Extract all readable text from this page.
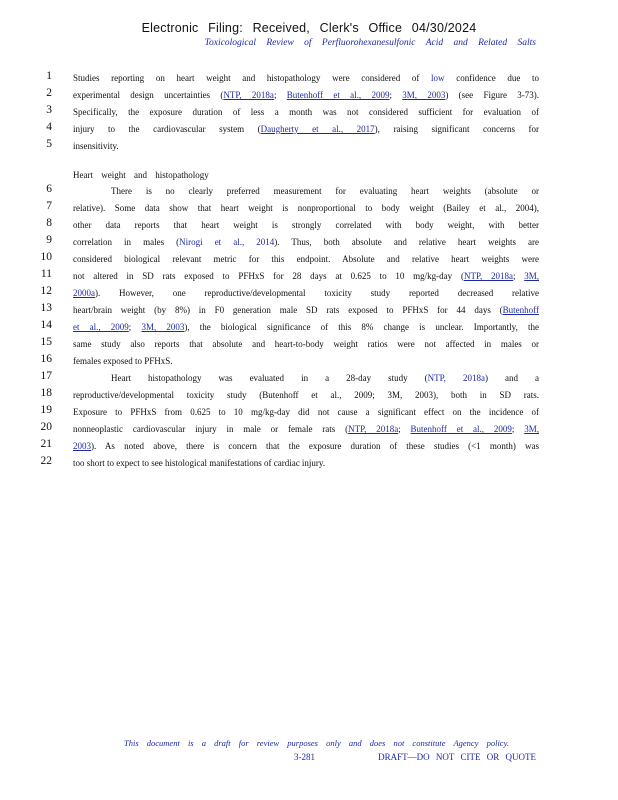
Electronic Filing: Received, Clerk's Office 04/30/2024
Toxicological Review of Perfluorohexanesulfonic Acid and Related Salts
1 Studies reporting on heart weight and histopathology were considered of low confidence due to
2 experimental design uncertainties (NTP, 2018a; Butenhoff et al., 2009; 3M, 2003) (see Figure 3-73).
3 Specifically, the exposure duration of less a month was not considered sufficient for evaluation of
4 injury to the cardiovascular system (Daugherty et al., 2017), raising significant concerns for
5 insensitivity.
6	There is no clearly preferred measurement for evaluating heart weights (absolute or
7 relative). Some data show that heart weight is nonproportional to body weight (Bailey et al., 2004),
8 other data reports that heart weight is strongly correlated with body weight, with better
9 correlation in males (Nirogi et al., 2014). Thus, both absolute and relative heart weights are
10 considered biological relevant metric for this endpoint. Absolute and relative heart weights were
11 not altered in SD rats exposed to PFHxS for 28 days at 0.625 to 10 mg/kg-day (NTP, 2018a; 3M,
12 2000a). However, one reproductive/developmental toxicity study reported decreased relative
13 heart/brain weight (by 8%) in F0 generation male SD rats exposed to PFHxS for 44 days (Butenhoff
14 et al., 2009; 3M, 2003), the biological significance of this 8% change is unclear. Importantly, the
15 same study also reports that absolute and heart-to-body weight ratios were not affected in males or
16 females exposed to PFHxS.
17	Heart histopathology was evaluated in a 28-day study (NTP, 2018a) and a
18 reproductive/developmental toxicity study (Butenhoff et al., 2009; 3M, 2003), both in SD rats.
19 Exposure to PFHxS from 0.625 to 10 mg/kg-day did not cause a significant effect on the incidence of
20 nonneoplastic cardiovascular injury in male or female rats (NTP, 2018a; Butenhoff et al., 2009; 3M,
21 2003). As noted above, there is concern that the exposure duration of these studies (<1 month) was
22 too short to expect to see histological manifestations of cardiac injury.
Heart weight and histopathology
This document is a draft for review purposes only and does not constitute Agency policy.
3-281	DRAFT—DO NOT CITE OR QUOTE
